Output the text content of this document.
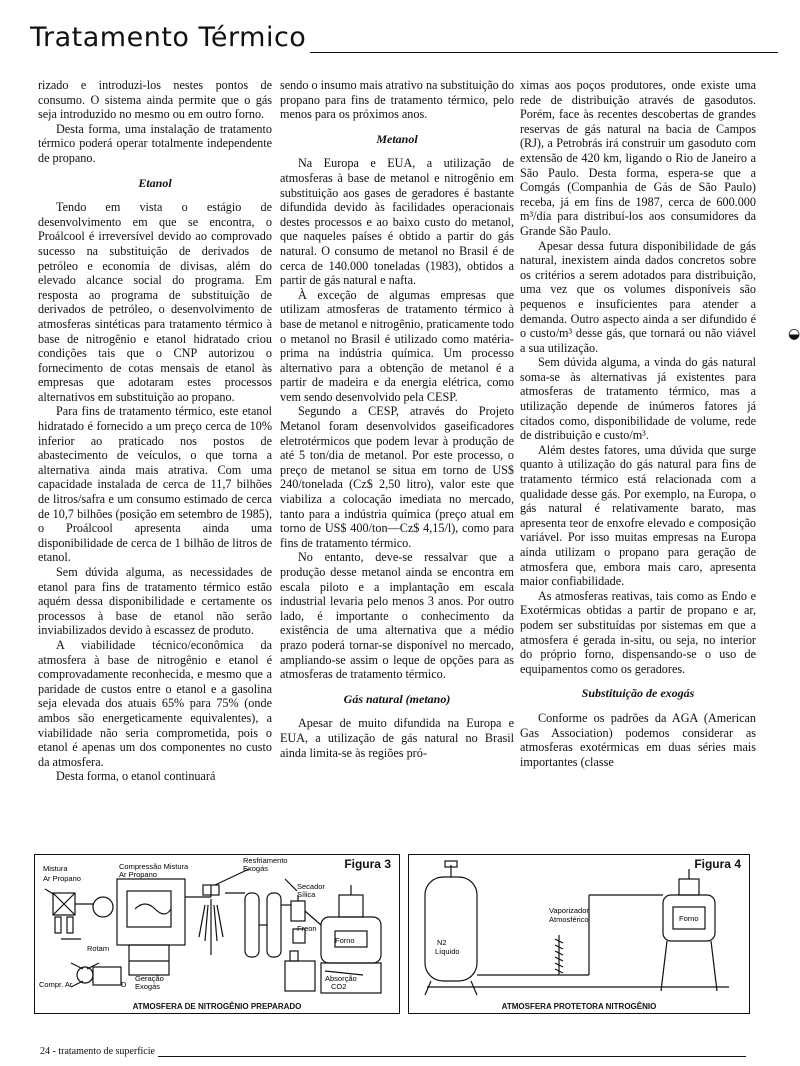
Tratamento Térmico

rizado e introduzi-los nestes pontos de consumo. O sistema ainda permite que o gás seja introduzido no mesmo ou em outro forno.

Desta forma, uma instalação de tratamento térmico poderá operar totalmente independente de propano.

Etanol

Tendo em vista o estágio de desenvolvimento em que se encontra, o Proálcool é irreversível devido ao comprovado sucesso na substituição de derivados de petróleo e economia de divisas, além do elevado alcance social do programa. Em resposta ao programa de substituição de derivados de petróleo, o desenvolvimento de atmosferas sintéticas para tratamento térmico à base de nitrogênio e etanol hidratado criou condições tais que o CNP autorizou o fornecimento de cotas mensais de etanol às empresas que adotaram estes processos alternativos em substituição ao propano.

Para fins de tratamento térmico, este etanol hidratado é fornecido a um preço cerca de 10% inferior ao praticado nos postos de abastecimento de veículos, o que torna a alternativa ainda mais atrativa. Com uma capacidade instalada de cerca de 11,7 bilhões de litros/safra e um consumo estimado de cerca de 10,7 bilhões (posição em setembro de 1985), o Proálcool apresenta ainda uma disponibilidade de cerca de 1 bilhão de litros de etanol.

Sem dúvida alguma, as necessidades de etanol para fins de tratamento térmico estão aquém dessa disponibilidade e certamente os processos à base de etanol não serão inviabilizados devido à escassez de produto.

A viabilidade técnico/econômica da atmosfera à base de nitrogênio e etanol é comprovadamente reconhecida, e mesmo que a paridade de custos entre o etanol e a gasolina seja elevada dos atuais 65% para 75% (onde ambos são energeticamente equivalentes), a viabilidade não seria comprometida, pois o etanol é apenas um dos componentes no custo da atmosfera.

Desta forma, o etanol continuará

sendo o insumo mais atrativo na substituição do propano para fins de tratamento térmico, pelo menos para os próximos anos.

Metanol

Na Europa e EUA, a utilização de atmosferas à base de metanol e nitrogênio em substituição aos gases de geradores é bastante difundida devido às facilidades operacionais destes processos e ao baixo custo do metanol, que naqueles países é obtido a partir do gás natural. O consumo de metanol no Brasil é de cerca de 140.000 toneladas (1983), obtidos a partir de gás natural e nafta.

À exceção de algumas empresas que utilizam atmosferas de tratamento térmico à base de metanol e nitrogênio, praticamente todo o metanol no Brasil é utilizado como matéria-prima na indústria química. Um processo alternativo para a obtenção de metanol é a partir de madeira e da energia elétrica, como vem sendo desenvolvido pela CESP.

Segundo a CESP, através do Projeto Metanol foram desenvolvidos gaseificadores eletrotérmicos que podem levar à produção de até 5 ton/dia de metanol. Por este processo, o preço de metanol se situa em torno de US$ 240/tonelada (Cz$ 2,50 litro), valor este que viabiliza a colocação imediata no mercado, tanto para a indústria química (preço atual em torno de US$ 400/ton—Cz$ 4,15/l), como para fins de tratamento térmico.

No entanto, deve-se ressalvar que a produção desse metanol ainda se encontra em escala piloto e a implantação em escala industrial levaria pelo menos 3 anos. Por outro lado, é importante o conhecimento da existência de uma alternativa que a médio prazo poderá tornar-se disponível no mercado, ampliando-se assim o leque de opções para as atmosferas de tratamento térmico.

Gás natural (metano)

Apesar de muito difundida na Europa e EUA, a utilização de gás natural no Brasil ainda limita-se às regiões pró-

ximas aos poços produtores, onde existe uma rede de distribuição através de gasodutos. Porém, face às recentes descobertas de grandes reservas de gás natural na bacia de Campos (RJ), a Petrobrás irá construir um gasoduto com extensão de 420 km, ligando o Rio de Janeiro a São Paulo. Desta forma, espera-se que a Comgás (Companhia de Gás de São Paulo) receba, já em fins de 1987, cerca de 600.000 m³/dia para distribuí-los aos consumidores da Grande São Paulo.

Apesar dessa futura disponibilidade de gás natural, inexistem ainda dados concretos sobre os critérios a serem adotados para distribuição, uma vez que os volumes disponíveis são pequenos e insuficientes para atender a demanda. Outro aspecto ainda a ser difundido é o custo/m³ desse gás, que tornará ou não viável a sua utilização.

Sem dúvida alguma, a vinda do gás natural soma-se às alternativas já existentes para atmosferas de tratamento térmico, mas a utilização depende de inúmeros fatores já citados como, disponibilidade de volume, rede de distribuição e custo/m³.

Além destes fatores, uma dúvida que surge quanto à utilização do gás natural para fins de tratamento térmico está relacionada com a qualidade desse gás. Por exemplo, na Europa, o gás natural é relativamente barato, mas apresenta teor de enxofre elevado e composição variável. Por isso muitas empresas na Europa ainda utilizam o propano para geração de atmosfera que, embora mais caro, apresenta maior confiabilidade.

As atmosferas reativas, tais como as Endo e Exotérmicas obtidas a partir de propano e ar, podem ser substituídas por sistemas em que a atmosfera é gerada in-situ, ou seja, no interior do próprio forno, dispensando-se o uso de equipamentos como os geradores.

Substituição de exogás

Conforme os padrões da AGA (American Gas Association) podemos considerar as atmosferas exotérmicas em duas séries mais importantes (classe

◒
Mistura
Ar Propano
Compressão Mistura
Ar Propano
Resfriamento
Exogás
Secador
Sílica
Freon
Forno
Rotam
Compr. Ar	D
Geração
Exogás
Absorção
CO2
Figura 3
ATMOSFERA DE NITROGÊNIO PREPARADO
Vaporizador
Atmosférico
N2
Líquido
Forno
Figura 4
ATMOSFERA PROTETORA NITROGÊNIO
24 - tratamento de superfície
